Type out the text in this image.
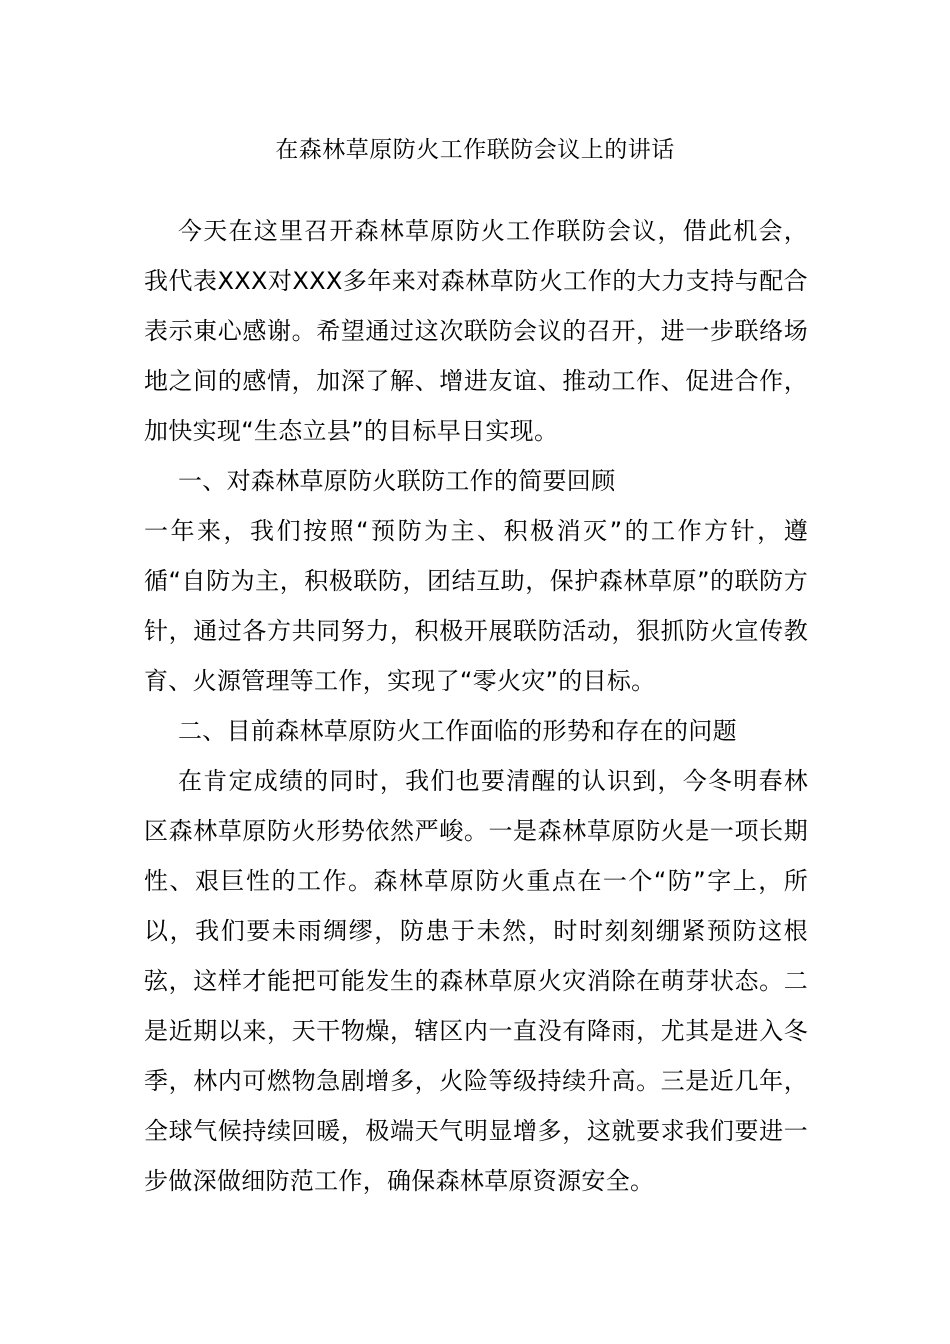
在森林草原防火工作联防会议上的讲话

今天在这里召开森林草原防火工作联防会议，借此机会，我代表XXX对XXX多年来对森林草防火工作的大力支持与配合表示東心感谢。希望通过这次联防会议的召开，进一步联络场地之间的感情，加深了解、增进友谊、推动工作、促进合作，加快实现“生态立县”的目标早日实现。

一、对森林草原防火联防工作的简要回顾

一年来，我们按照“预防为主、积极消灭”的工作方针，遵循“自防为主，积极联防，团结互助，保护森林草原”的联防方针，通过各方共同努力，积极开展联防活动，狠抓防火宣传教育、火源管理等工作，实现了“零火灾”的目标。

二、目前森林草原防火工作面临的形势和存在的问题

在肯定成绩的同时，我们也要清醒的认识到，今冬明春林区森林草原防火形势依然严峻。一是森林草原防火是一项长期性、艰巨性的工作。森林草原防火重点在一个“防”字上，所以，我们要未雨绸缪，防患于未然，时时刻刻绷紧预防这根弦，这样才能把可能发生的森林草原火灾消除在萌芽状态。二是近期以来，天干物燥，辖区内一直没有降雨，尤其是进入冬季，林内可燃物急剧增多，火险等级持续升高。三是近几年，全球气候持续回暖，极端天气明显增多，这就要求我们要进一步做深做细防范工作，确保森林草原资源安全。
